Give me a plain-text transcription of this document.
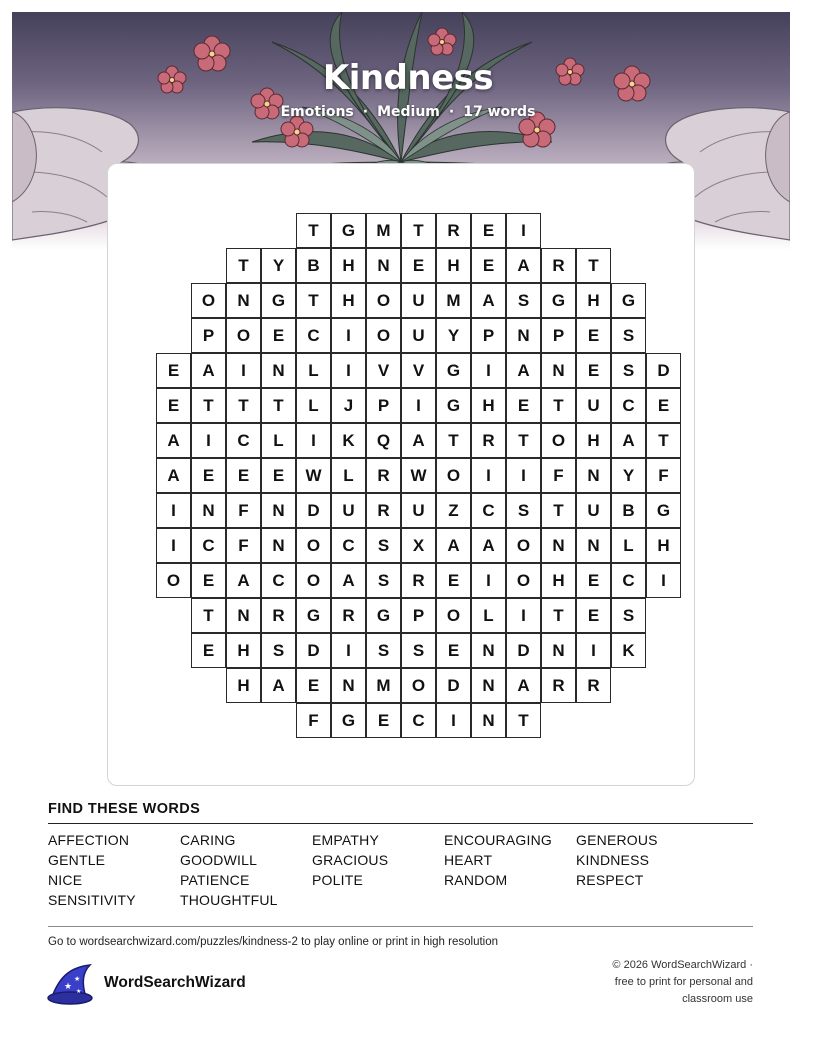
Kindness
Emotions · Medium · 17 words
T	G	M	T	R	E	I
T	Y	B	H	N	E	H	E	A	R	T
O	N	G	T	H	O	U	M	A	S	G	H	G
P	O	E	C	I	O	U	Y	P	N	P	E	S
E	A	I	N	L	I	V	V	G	I	A	N	E	S	D
E	T	T	T	L	J	P	I	G	H	E	T	U	C	E
A	I	C	L	I	K	Q	A	T	R	T	O	H	A	T
A	E	E	E	W	L	R	W	O	I	I	F	N	Y	F
I	N	F	N	D	U	R	U	Z	C	S	T	U	B	G
I	C	F	N	O	C	S	X	A	A	O	N	N	L	H
O	E	A	C	O	A	S	R	E	I	O	H	E	C	I
T	N	R	G	R	G	P	O	L	I	T	E	S
E	H	S	D	I	S	S	E	N	D	N	I	K
H	A	E	N	M	O	D	N	A	R	R
F	G	E	C	I	N	T
FIND THESE WORDS
AFFECTION	CARING	EMPATHY	ENCOURAGING GENEROUS
GENTLE	GOODWILL	GRACIOUS	HEART	KINDNESS
NICE	PATIENCE	POLITE	RANDOM	RESPECT
SENSITIVITY	THOUGHTFUL
Go to wordsearchwizard.com/puzzles/kindness-2 to play online or print in high resolution
★
★
★
WordSearchWizard
© 2026 WordSearchWizard ·
free to print for personal and
classroom use
